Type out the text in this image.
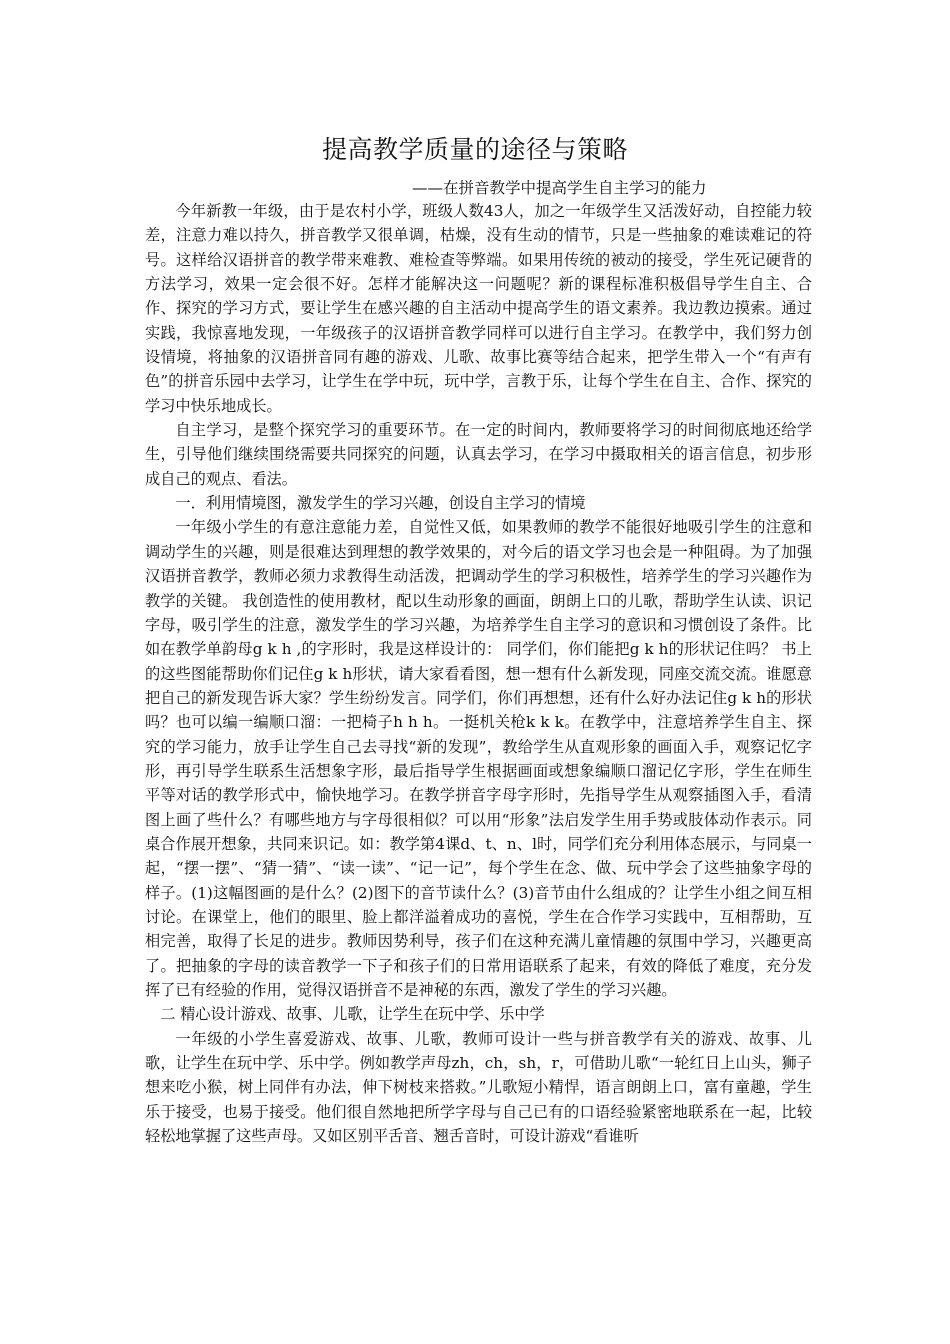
提高教学质量的途径与策略
——在拼音教学中提高学生自主学习的能力

今年新教一年级，由于是农村小学，班级人数43人，加之一年级学生又活泼好动，自控能力较差，注意力难以持久，拼音教学又很单调，枯燥，没有生动的情节，只是一些抽象的难读难记的符号。这样给汉语拼音的教学带来难教、难检查等弊端。如果用传统的被动的接受，学生死记硬背的方法学习，效果一定会很不好。怎样才能解决这一问题呢？新的课程标准积极倡导学生自主、合作、探究的学习方式，要让学生在感兴趣的自主活动中提高学生的语文素养。我边教边摸索。通过实践，我惊喜地发现，一年级孩子的汉语拼音教学同样可以进行自主学习。在教学中，我们努力创设情境，将抽象的汉语拼音同有趣的游戏、儿歌、故事比赛等结合起来，把学生带入一个“有声有色”的拼音乐园中去学习，让学生在学中玩，玩中学，言教于乐，让每个学生在自主、合作、探究的学习中快乐地成长。

自主学习，是整个探究学习的重要环节。在一定的时间内，教师要将学习的时间彻底地还给学生，引导他们继续围绕需要共同探究的问题，认真去学习，在学习中摄取相关的语言信息，初步形成自己的观点、看法。

一．利用情境图，激发学生的学习兴趣，创设自主学习的情境

一年级小学生的有意注意能力差，自觉性又低，如果教师的教学不能很好地吸引学生的注意和调动学生的兴趣，则是很难达到理想的教学效果的，对今后的语文学习也会是一种阻碍。为了加强汉语拼音教学，教师必须力求教得生动活泼，把调动学生的学习积极性，培养学生的学习兴趣作为教学的关键。 我创造性的使用教材，配以生动形象的画面，朗朗上口的儿歌，帮助学生认读、识记字母，吸引学生的注意，激发学生的学习兴趣，为培养学生自主学习的意识和习惯创设了条件。比如在教学单韵母g k h ,的字形时，我是这样设计的： 同学们，你们能把g k h的形状记住吗？ 书上的这些图能帮助你们记住g k h形状，请大家看看图，想一想有什么新发现，同座交流交流。谁愿意把自己的新发现告诉大家？学生纷纷发言。同学们，你们再想想，还有什么好办法记住g k h的形状吗？也可以编一编顺口溜：一把椅子h h h。一挺机关枪k k k。在教学中，注意培养学生自主、探究的学习能力，放手让学生自己去寻找“新的发现”，教给学生从直观形象的画面入手，观察记忆字形，再引导学生联系生活想象字形，最后指导学生根据画面或想象编顺口溜记亿字形，学生在师生平等对话的教学形式中，愉快地学习。在教学拼音字母字形时，先指导学生从观察插图入手，看清图上画了些什么？有哪些地方与字母很相似？可以用“形象”法启发学生用手势或肢体动作表示。同桌合作展开想象，共同来识记。如：教学第4课d、t、n、l时，同学们充分利用体态展示，与同桌一起，“摆一摆”、“猜一猜”、“读一读”、“记一记”，每个学生在念、做、玩中学会了这些抽象字母的样子。(1)这幅图画的是什么？(2)图下的音节读什么？(3)音节由什么组成的？让学生小组之间互相讨论。在课堂上，他们的眼里、脸上都洋溢着成功的喜悦，学生在合作学习实践中，互相帮助，互相完善，取得了长足的进步。教师因势利导，孩子们在这种充满儿童情趣的氛围中学习，兴趣更高了。把抽象的字母的读音教学一下子和孩子们的日常用语联系了起来，有效的降低了难度，充分发挥了已有经验的作用，觉得汉语拼音不是神秘的东西，激发了学生的学习兴趣。

二 精心设计游戏、故事、儿歌，让学生在玩中学、乐中学

一年级的小学生喜爱游戏、故事、儿歌，教师可设计一些与拼音教学有关的游戏、故事、儿歌，让学生在玩中学、乐中学。例如教学声母zh，ch，sh，r，可借助儿歌“一轮红日上山头，狮子想来吃小猴，树上同伴有办法，伸下树枝来搭救。”儿歌短小精悍，语言朗朗上口，富有童趣，学生乐于接受，也易于接受。他们很自然地把所学字母与自己已有的口语经验紧密地联系在一起，比较轻松地掌握了这些声母。又如区别平舌音、翘舌音时，可设计游戏“看谁听
